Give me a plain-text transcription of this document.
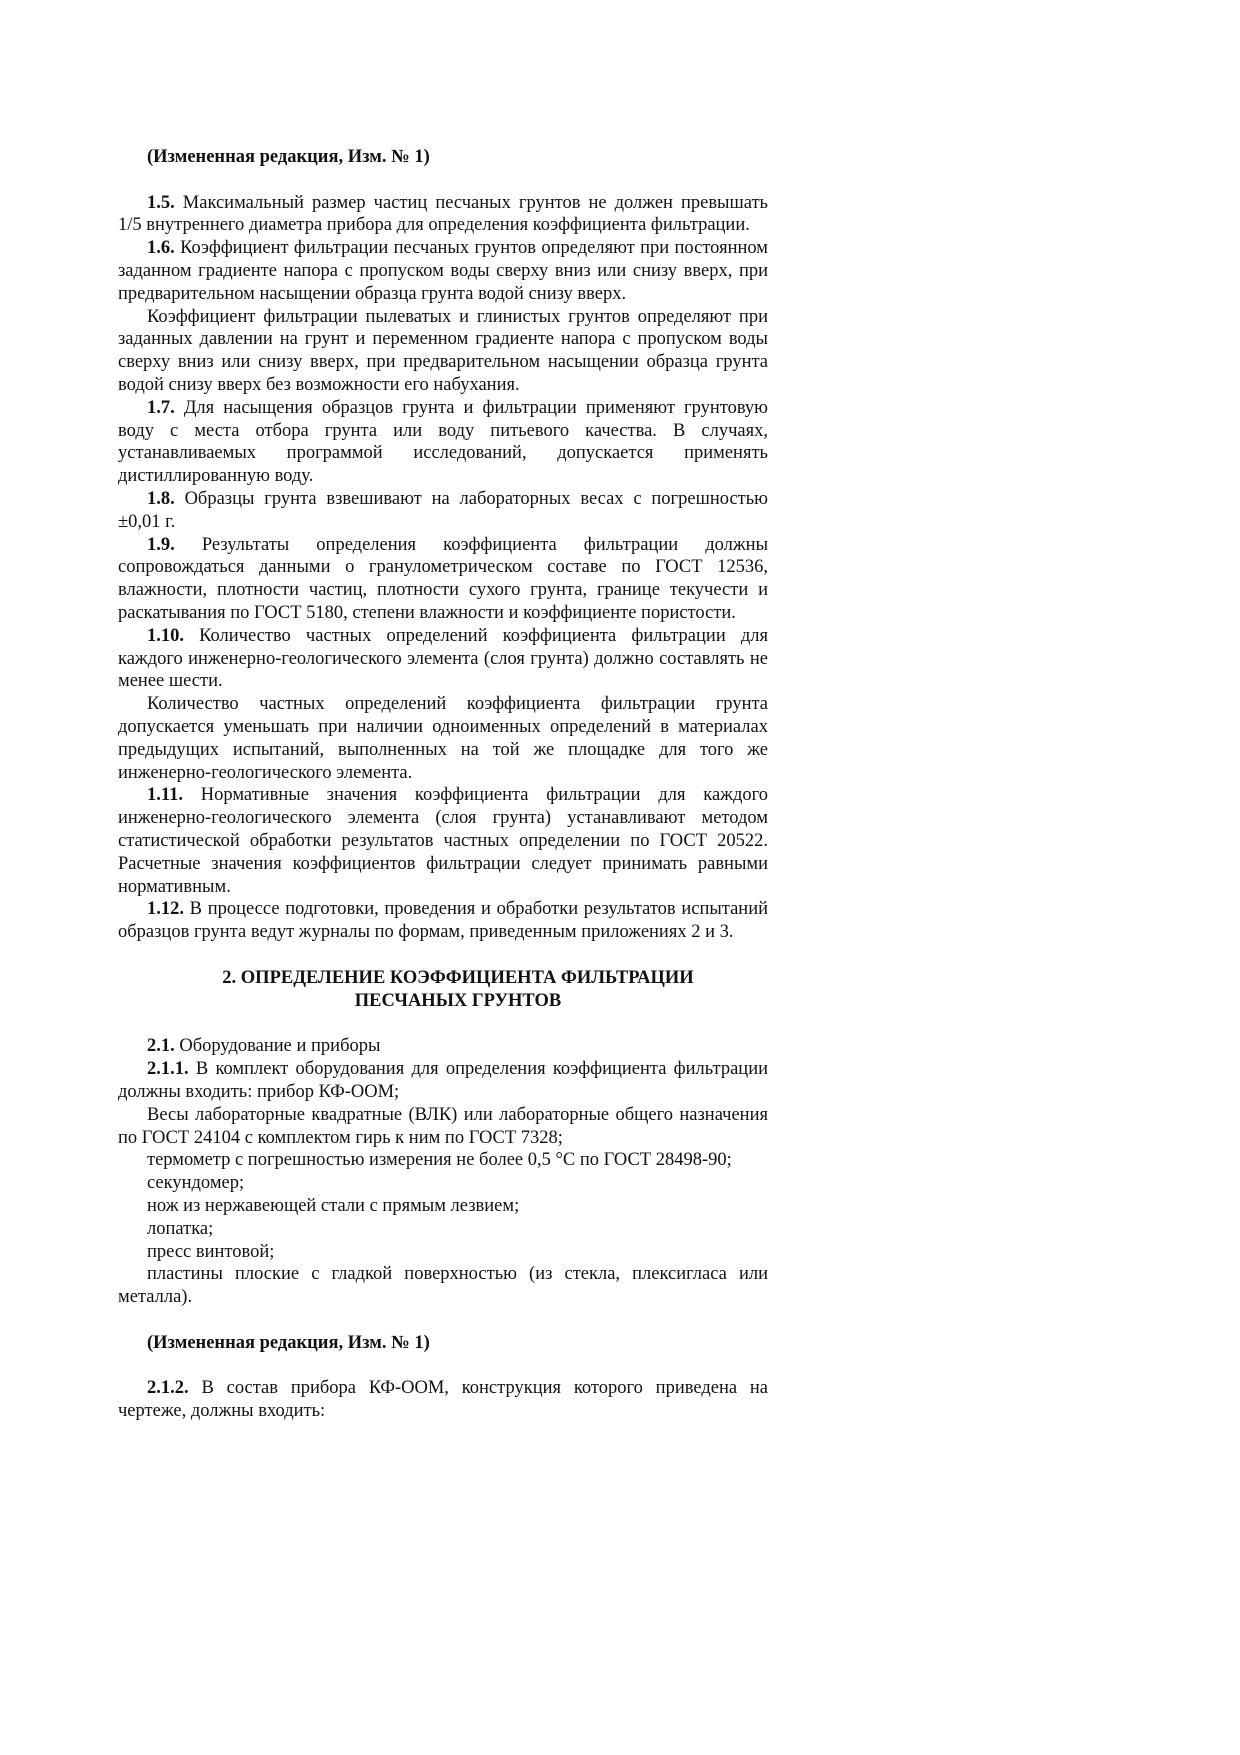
(Измененная редакция, Изм. № 1)

1.5. Максимальный размер частиц песчаных грунтов не должен превышать 1/5 внутреннего диаметра прибора для определения коэффициента фильтрации.

1.6. Коэффициент фильтрации песчаных грунтов определяют при постоянном заданном градиенте напора с пропуском воды сверху вниз или снизу вверх, при предварительном насыщении образца грунта водой снизу вверх.

Коэффициент фильтрации пылеватых и глинистых грунтов определяют при заданных давлении на грунт и переменном градиенте напора с пропуском воды сверху вниз или снизу вверх, при предварительном насыщении образца грунта водой снизу вверх без возможности его набухания.

1.7. Для насыщения образцов грунта и фильтрации применяют грунтовую воду с места отбора грунта или воду питьевого качества. В случаях, устанавливаемых программой исследований, допускается применять дистиллированную воду.

1.8. Образцы грунта взвешивают на лабораторных весах с погрешностью ±0,01 г.

1.9. Результаты определения коэффициента фильтрации должны сопровождаться данными о гранулометрическом составе по ГОСТ 12536, влажности, плотности частиц, плотности сухого грунта, границе текучести и раскатывания по ГОСТ 5180, степени влажности и коэффициенте пористости.

1.10. Количество частных определений коэффициента фильтрации для каждого инженерно-геологического элемента (слоя грунта) должно составлять не менее шести.

Количество частных определений коэффициента фильтрации грунта допускается уменьшать при наличии одноименных определений в материалах предыдущих испытаний, выполненных на той же площадке для того же инженерно-геологического элемента.

1.11. Нормативные значения коэффициента фильтрации для каждого инженерно-геологического элемента (слоя грунта) устанавливают методом статистической обработки результатов частных определении по ГОСТ 20522. Расчетные значения коэффициентов фильтрации следует принимать равными нормативным.

1.12. В процессе подготовки, проведения и обработки результатов испытаний образцов грунта ведут журналы по формам, приведенным приложениях 2 и 3.

2. ОПРЕДЕЛЕНИЕ КОЭФФИЦИЕНТА ФИЛЬТРАЦИИ
ПЕСЧАНЫХ ГРУНТОВ

2.1. Оборудование и приборы

2.1.1. В комплект оборудования для определения коэффициента фильтрации должны входить: прибор КФ-ООМ;

Весы лабораторные квадратные (ВЛК) или лабораторные общего назначения по ГОСТ 24104 с комплектом гирь к ним по ГОСТ 7328;

термометр с погрешностью измерения не более 0,5 °С по ГОСТ 28498-90;

секундомер;

нож из нержавеющей стали с прямым лезвием;

лопатка;

пресс винтовой;

пластины плоские с гладкой поверхностью (из стекла, плексигласа или металла).

(Измененная редакция, Изм. № 1)

2.1.2. В состав прибора КФ-ООМ, конструкция которого приведена на чертеже, должны входить:
